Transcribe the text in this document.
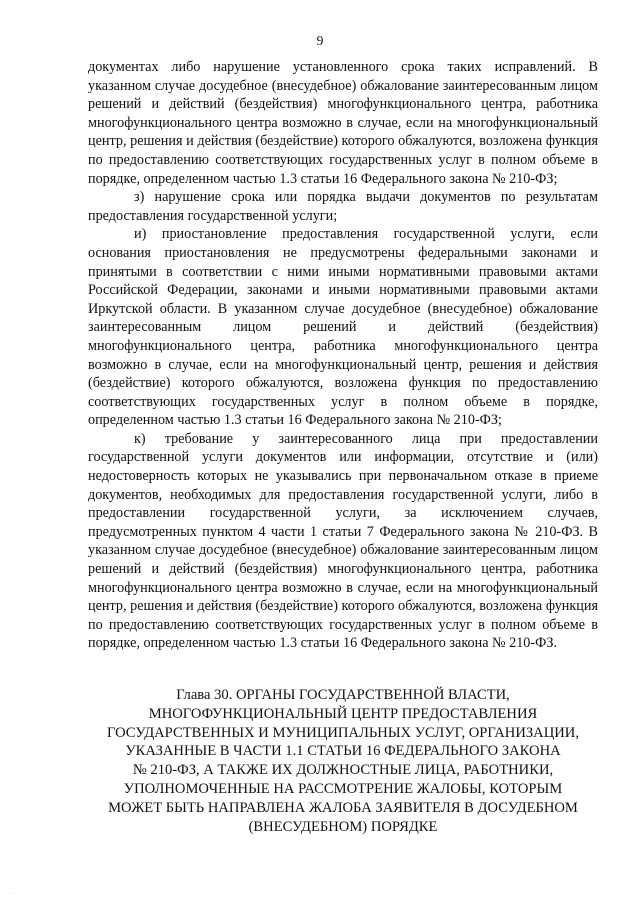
9

документах либо нарушение установленного срока таких исправлений. В указанном случае досудебное (внесудебное) обжалование заинтересованным лицом решений и действий (бездействия) многофункционального центра, работника многофункционального центра возможно в случае, если на многофункциональный центр, решения и действия (бездействие) которого обжалуются, возложена функция по предоставлению соответствующих государственных услуг в полном объеме в порядке, определенном частью 1.3 статьи 16 Федерального закона № 210-ФЗ;

з) нарушение срока или порядка выдачи документов по результатам предоставления государственной услуги;

и) приостановление предоставления государственной услуги, если основания приостановления не предусмотрены федеральными законами и принятыми в соответствии с ними иными нормативными правовыми актами Российской Федерации, законами и иными нормативными правовыми актами Иркутской области. В указанном случае досудебное (внесудебное) обжалование заинтересованным лицом решений и действий (бездействия) многофункционального центра, работника многофункционального центра возможно в случае, если на многофункциональный центр, решения и действия (бездействие) которого обжалуются, возложена функция по предоставлению соответствующих государственных услуг в полном объеме в порядке, определенном частью 1.3 статьи 16 Федерального закона № 210-ФЗ;

к) требование у заинтересованного лица при предоставлении государственной услуги документов или информации, отсутствие и (или) недостоверность которых не указывались при первоначальном отказе в приеме документов, необходимых для предоставления государственной услуги, либо в предоставлении государственной услуги, за исключением случаев, предусмотренных пунктом 4 части 1 статьи 7 Федерального закона № 210-ФЗ. В указанном случае досудебное (внесудебное) обжалование заинтересованным лицом решений и действий (бездействия) многофункционального центра, работника многофункционального центра возможно в случае, если на многофункциональный центр, решения и действия (бездействие) которого обжалуются, возложена функция по предоставлению соответствующих государственных услуг в полном объеме в порядке, определенном частью 1.3 статьи 16 Федерального закона № 210-ФЗ.

Глава 30. ОРГАНЫ ГОСУДАРСТВЕННОЙ ВЛАСТИ,
МНОГОФУНКЦИОНАЛЬНЫЙ ЦЕНТР ПРЕДОСТАВЛЕНИЯ
ГОСУДАРСТВЕННЫХ И МУНИЦИПАЛЬНЫХ УСЛУГ, ОРГАНИЗАЦИИ,
УКАЗАННЫЕ В ЧАСТИ 1.1 СТАТЬИ 16 ФЕДЕРАЛЬНОГО ЗАКОНА
№ 210-ФЗ, А ТАКЖЕ ИХ ДОЛЖНОСТНЫЕ ЛИЦА, РАБОТНИКИ,
УПОЛНОМОЧЕННЫЕ НА РАССМОТРЕНИЕ ЖАЛОБЫ, КОТОРЫМ
МОЖЕТ БЫТЬ НАПРАВЛЕНА ЖАЛОБА ЗАЯВИТЕЛЯ В ДОСУДЕБНОМ
(ВНЕСУДЕБНОМ) ПОРЯДКЕ
····
